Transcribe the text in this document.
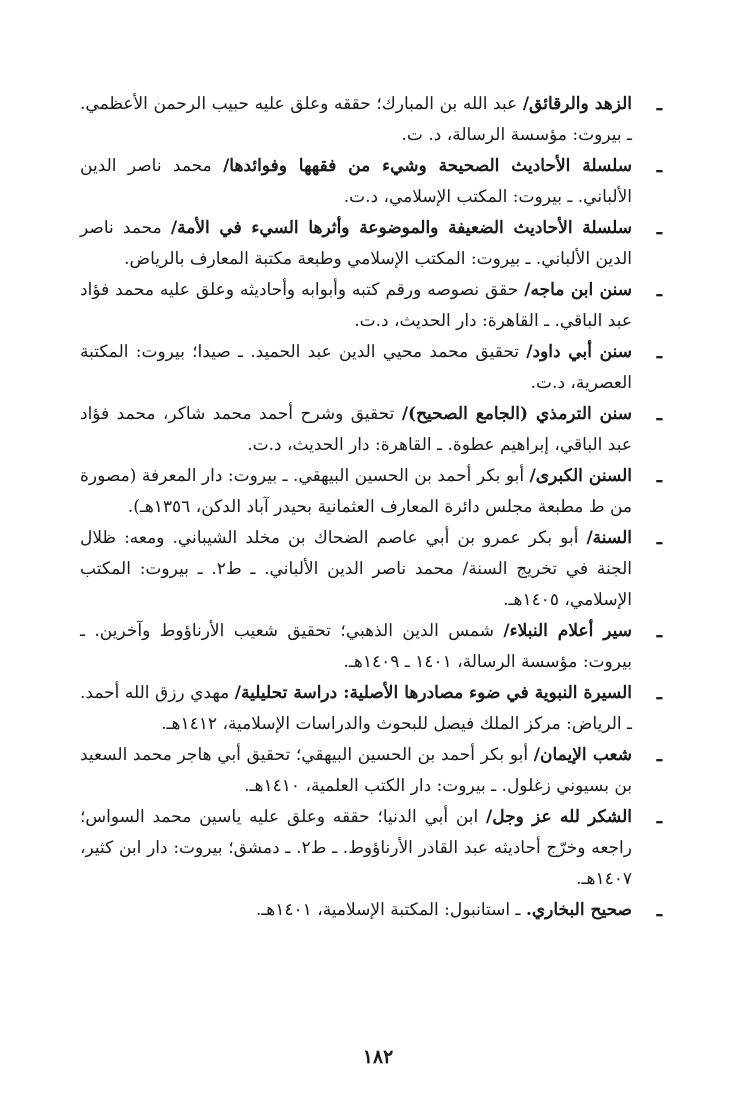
ـ
الزهد والرقائق/ عبد الله بن المبارك؛ حققه وعلق عليه حبيب الرحمن الأعظمي. ـ بيروت: مؤسسة الرسالة، د. ت.

ـ
سلسلة الأحاديث الصحيحة وشيء من فقهها وفوائدها/ محمد ناصر الدين الألباني. ـ بيروت: المكتب الإسلامي، د.ت.

ـ
سلسلة الأحاديث الضعيفة والموضوعة وأثرها السيء في الأمة/ محمد ناصر الدين الألباني. ـ بيروت: المكتب الإسلامي وطبعة مكتبة المعارف بالرياض.

ـ
سنن ابن ماجه/ حقق نصوصه ورقم كتبه وأبوابه وأحاديثه وعلق عليه محمد فؤاد عبد الباقي. ـ القاهرة: دار الحديث، د.ت.

ـ
سنن أبي داود/ تحقيق محمد محيي الدين عبد الحميد. ـ صيدا؛ بيروت: المكتبة العصرية، د.ت.

ـ
سنن الترمذي (الجامع الصحيح)/ تحقيق وشرح أحمد محمد شاكر، محمد فؤاد عبد الباقي، إبراهيم عطوة. ـ القاهرة: دار الحديث، د.ت.

ـ
السنن الكبرى/ أبو بكر أحمد بن الحسين البيهقي. ـ بيروت: دار المعرفة (مصورة من ط مطبعة مجلس دائرة المعارف العثمانية بحيدر آباد الدكن، ١٣٥٦هـ).

ـ
السنة/ أبو بكر عمرو بن أبي عاصم الضحاك بن مخلد الشيباني. ومعه: ظلال الجنة في تخريج السنة/ محمد ناصر الدين الألباني. ـ ط٢. ـ بيروت: المكتب الإسلامي، ١٤٠٥هـ.

ـ
سير أعلام النبلاء/ شمس الدين الذهبي؛ تحقيق شعيب الأرناؤوط وآخرين. ـ بيروت: مؤسسة الرسالة، ١٤٠١ ـ ١٤٠٩هـ.

ـ
السيرة النبوية في ضوء مصادرها الأصلية: دراسة تحليلية/ مهدي رزق الله أحمد. ـ الرياض: مركز الملك فيصل للبحوث والدراسات الإسلامية، ١٤١٢هـ.

ـ
شعب الإيمان/ أبو بكر أحمد بن الحسين البيهقي؛ تحقيق أبي هاجر محمد السعيد بن بسيوني زغلول. ـ بيروت: دار الكتب العلمية، ١٤١٠هـ.

ـ
الشكر لله عز وجل/ ابن أبي الدنيا؛ حققه وعلق عليه ياسين محمد السواس؛ راجعه وخرّج أحاديثه عبد القادر الأرناؤوط. ـ ط٢. ـ دمشق؛ بيروت: دار ابن كثير، ١٤٠٧هـ.

ـ
صحيح البخاري. ـ استانبول: المكتبة الإسلامية، ١٤٠١هـ.

١٨٢
